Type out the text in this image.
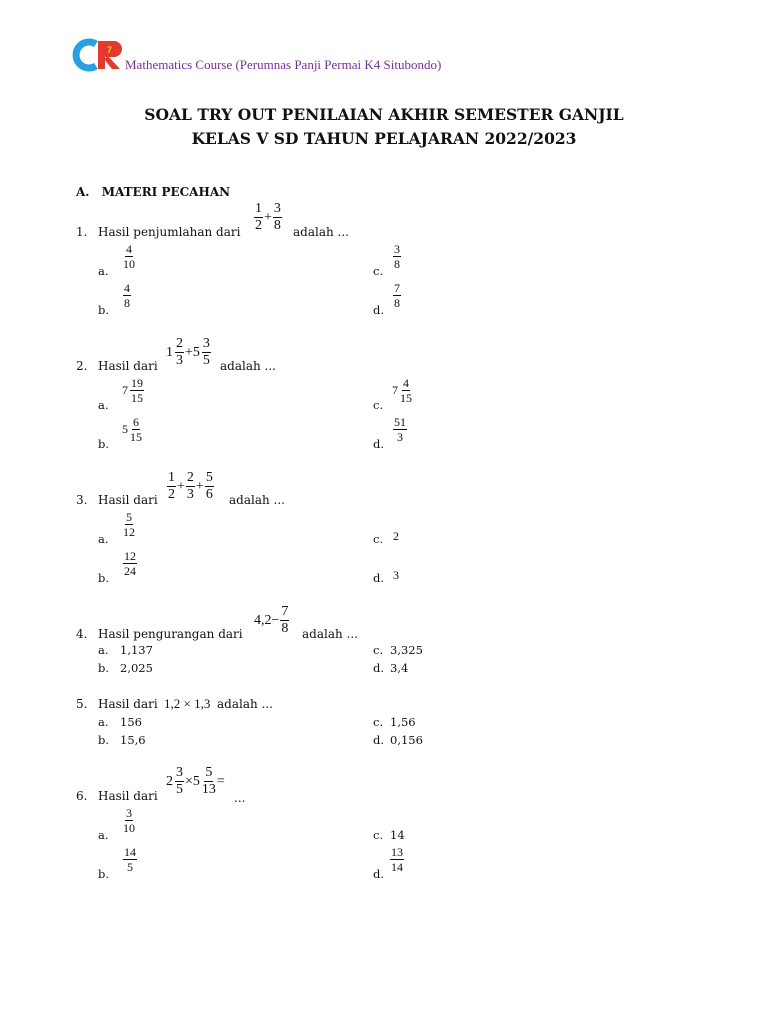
7
Mathematics Course (Perumnas Panji Permai K4 Situbondo)
SOAL TRY OUT PENILAIAN AKHIR SEMESTER GANJIL
KELAS V SD TAHUN PELAJARAN 2022/2023
A. MATERI PECAHAN
1. Hasil penjumlahan dari $\frac{1}{2} + \frac{3}{8}$ adalah ...
a.
$\frac{4}{10}$
b.
$\frac{4}{8}$
c.
$\frac{3}{8}$
d.
$\frac{7}{8}$
2. Hasil dari
$1 \frac{2}{3} + 5 \frac{3}{5}$ adalah ...
a.
$7 \frac{19}{15}$
b.
$5 \frac{6}{15}$
c.
$7 \frac{4}{15}$
d.
$\frac{51}{3}$
3. Hasil dari $\frac{1}{2} + \frac{2}{3} + \frac{5}{6}$ adalah ...
a.
$\frac{5}{12}$
b.
$\frac{12}{24}$
c. 2
d. 3
4. Hasil pengurangan dari
$4,2 - \frac{7}{8}$ adalah ...
a. 1,137
b. 2,025
c. 3,325
d. 3,4
5. Hasil dari 1,2 × 1,3 adalah ...
a. 156
b. 15,6
c. 1,56
d. 0,156
6. Hasil dari
$2 \frac{3}{5} \times 5 \frac{5}{13}$ =
...
a.
$\frac{3}{10}$
b.
$\frac{14}{5}$
c. 14
d.
$\frac{13}{14}$
